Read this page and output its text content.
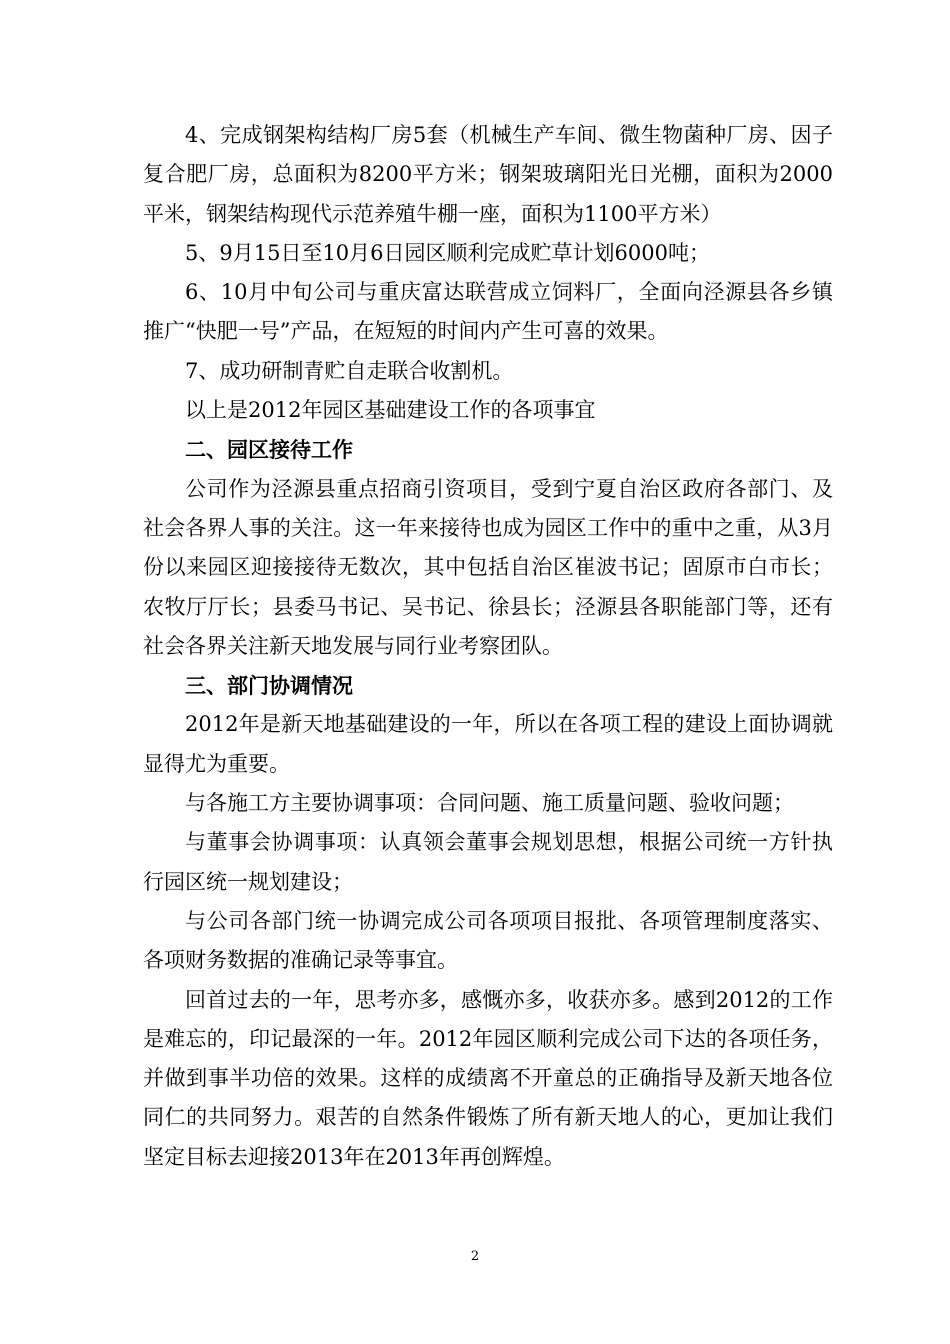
4、完成钢架构结构厂房5套（机械生产车间、微生物菌种厂房、因子复合肥厂房，总面积为8200平方米；钢架玻璃阳光日光棚，面积为2000平米，钢架结构现代示范养殖牛棚一座，面积为1100平方米）

5、9月15日至10月6日园区顺利完成贮草计划6000吨；

6、10月中旬公司与重庆富达联营成立饲料厂，全面向泾源县各乡镇推广“快肥一号”产品，在短短的时间内产生可喜的效果。

7、成功研制青贮自走联合收割机。

以上是2012年园区基础建设工作的各项事宜

二、园区接待工作

公司作为泾源县重点招商引资项目，受到宁夏自治区政府各部门、及社会各界人事的关注。这一年来接待也成为园区工作中的重中之重，从3月份以来园区迎接接待无数次，其中包括自治区崔波书记；固原市白市长；农牧厅厅长；县委马书记、吴书记、徐县长；泾源县各职能部门等，还有社会各界关注新天地发展与同行业考察团队。

三、部门协调情况

2012年是新天地基础建设的一年，所以在各项工程的建设上面协调就显得尤为重要。

与各施工方主要协调事项：合同问题、施工质量问题、验收问题；

与董事会协调事项：认真领会董事会规划思想，根据公司统一方针执行园区统一规划建设；

与公司各部门统一协调完成公司各项项目报批、各项管理制度落实、各项财务数据的准确记录等事宜。

回首过去的一年，思考亦多，感慨亦多，收获亦多。感到2012的工作是难忘的，印记最深的一年。2012年园区顺利完成公司下达的各项任务，并做到事半功倍的效果。这样的成绩离不开童总的正确指导及新天地各位同仁的共同努力。艰苦的自然条件锻炼了所有新天地人的心，更加让我们坚定目标去迎接2013年在2013年再创辉煌。

2
